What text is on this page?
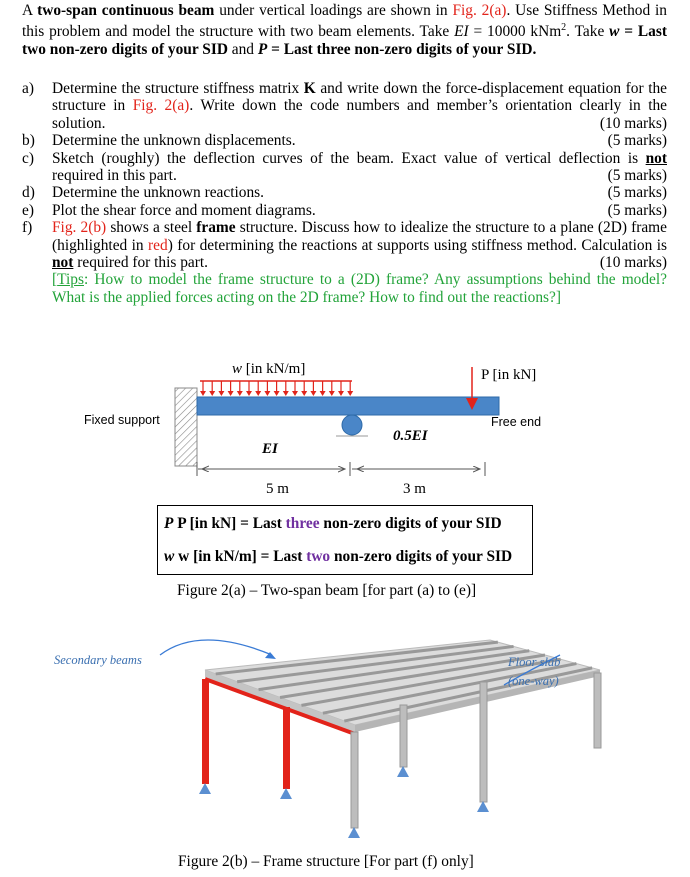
A two-span continuous beam under vertical loadings are shown in Fig. 2(a). Use Stiffness Method in this problem and model the structure with two beam elements. Take EI = 10000 kNm$^2$. Take w = Last two non-zero digits of your SID and P = Last three non-zero digits of your SID.

a) Determine the structure stiffness matrix K and write down the force-displacement equation for the structure in Fig. 2(a). Write down the code numbers and member’s orientation clearly in the solution.	(10 marks)
b) Determine the unknown displacements.	(5 marks)
c) Sketch (roughly) the deflection curves of the beam. Exact value of vertical deflection is not required in this part.	(5 marks)
d) Determine the unknown reactions.	(5 marks)
e) Plot the shear force and moment diagrams.	(5 marks)
f) Fig. 2(b) shows a steel frame structure. Discuss how to idealize the structure to a plane (2D) frame (highlighted in red) for determining the reactions at supports using stiffness method. Calculation is not required for this part.	(10 marks)

[Tips: How to model the frame structure to a (2D) frame? Any assumptions behind the model? What is the applied forces acting on the 2D frame? How to find out the reactions?]
w [in kN/m]	P [in kN]
Fixed support	Free end
EI
0.5EI
5 m	3 m
P P [in kN] = Last three non-zero digits of your SID
w w [in kN/m] = Last two non-zero digits of your SID
Figure 2(a) – Two-span beam [for part (a) to (e)]
Secondary beams	Floor slab
(one-way)
Figure 2(b) – Frame structure [For part (f) only]
